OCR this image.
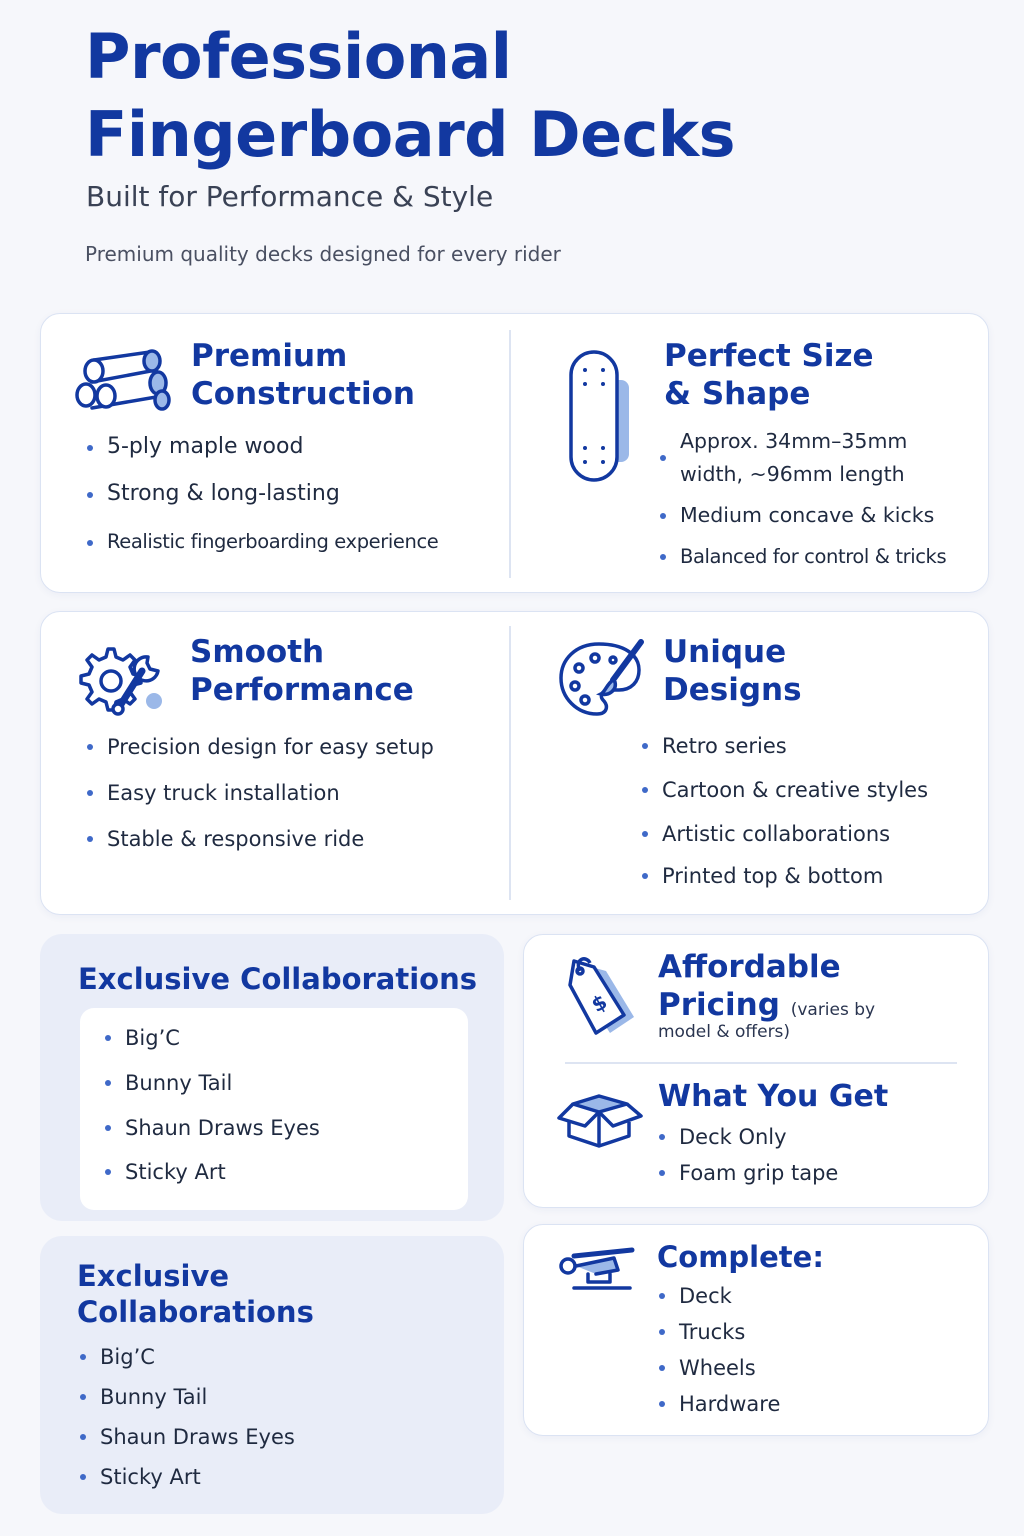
Professional
Fingerboard Decks
Built for Performance & Style
Premium quality decks designed for every rider
Premium
Construction
5-ply maple wood
Strong & long-lasting
Realistic fingerboarding experience
Perfect Size
& Shape
Approx. 34mm–35mm
width, ~96mm length
Medium concave & kicks
Balanced for control & tricks
Smooth
Performance
Precision design for easy setup
Easy truck installation
Stable & responsive ride
Unique
Designs
Retro series
Cartoon & creative styles
Artistic collaborations
Printed top & bottom
Exclusive Collaborations
Big’C
Bunny Tail
Shaun Draws Eyes
Sticky Art
Exclusive
Collaborations
Big’C
Bunny Tail
Shaun Draws Eyes
Sticky Art
$
Affordable
Pricing (varies by
model & offers)
What You Get
Deck Only
Foam grip tape
Complete:
Deck
Trucks
Wheels
Hardware
